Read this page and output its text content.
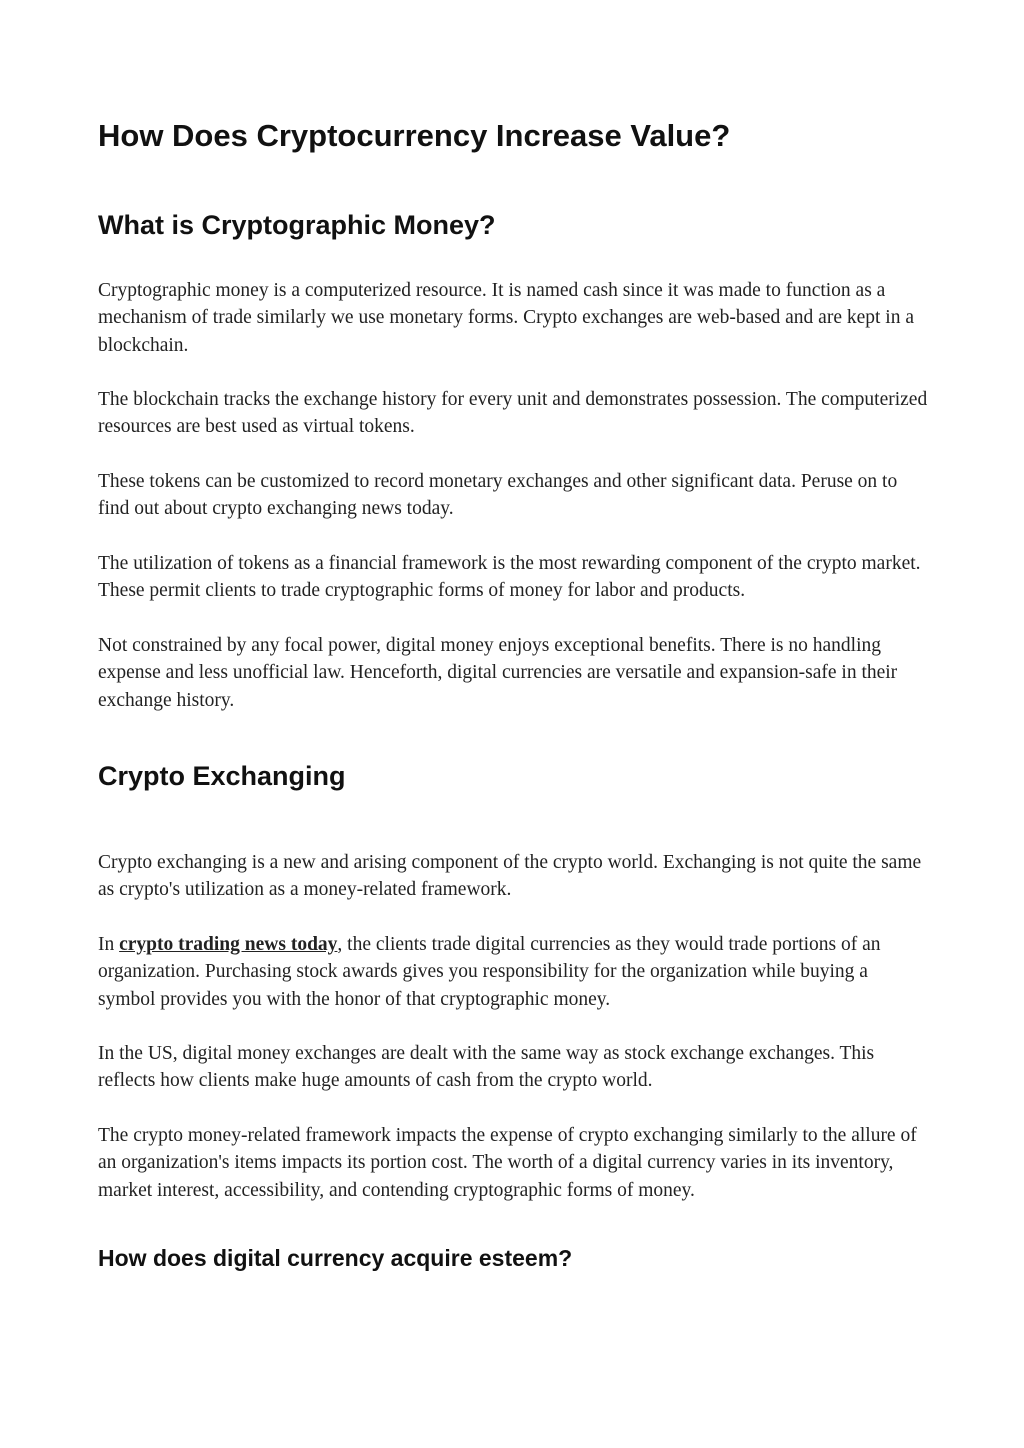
How Does Cryptocurrency Increase Value?
What is Cryptographic Money?

Cryptographic money is a computerized resource. It is named cash since it was made to function as a mechanism of trade similarly we use monetary forms. Crypto exchanges are web-based and are kept in a blockchain.

The blockchain tracks the exchange history for every unit and demonstrates possession. The computerized resources are best used as virtual tokens.

These tokens can be customized to record monetary exchanges and other significant data. Peruse on to find out about crypto exchanging news today.

The utilization of tokens as a financial framework is the most rewarding component of the crypto market. These permit clients to trade cryptographic forms of money for labor and products.

Not constrained by any focal power, digital money enjoys exceptional benefits. There is no handling expense and less unofficial law. Henceforth, digital currencies are versatile and expansion-safe in their exchange history.

Crypto Exchanging

Crypto exchanging is a new and arising component of the crypto world. Exchanging is not quite the same as crypto's utilization as a money-related framework.

In crypto trading news today, the clients trade digital currencies as they would trade portions of an organization. Purchasing stock awards gives you responsibility for the organization while buying a symbol provides you with the honor of that cryptographic money.

In the US, digital money exchanges are dealt with the same way as stock exchange exchanges. This reflects how clients make huge amounts of cash from the crypto world.

The crypto money-related framework impacts the expense of crypto exchanging similarly to the allure of an organization's items impacts its portion cost. The worth of a digital currency varies in its inventory, market interest, accessibility, and contending cryptographic forms of money.

How does digital currency acquire esteem?
